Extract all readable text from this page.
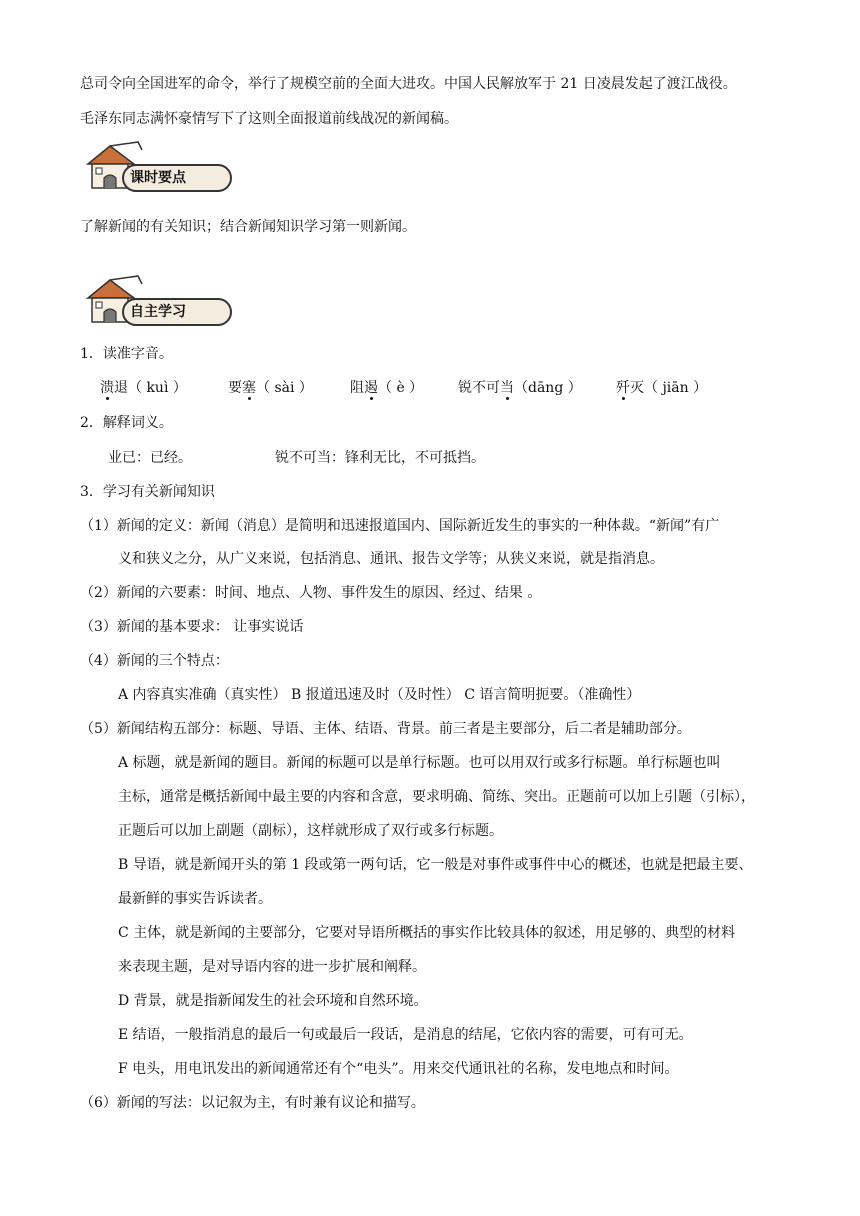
总司令向全国进军的命令，举行了规模空前的全面大进攻。中国人民解放军于 21 日凌晨发起了渡江战役。
毛泽东同志满怀豪情写下了这则全面报道前线战况的新闻稿。
课时要点
了解新闻的有关知识；结合新闻知识学习第一则新闻。
自主学习
1．读准字音。
溃退（ kuì ）	要塞（ sài ）	阻遏（ è ） 锐不可当（dāng ） 歼灭（ jiān ）
2．解释词义。
业已：已经。	锐不可当：锋利无比，不可抵挡。
3．学习有关新闻知识
（1）新闻的定义：新闻（消息）是简明和迅速报道国内、国际新近发生的事实的一种体裁。“新闻”有广
义和狭义之分，从广义来说，包括消息、通讯、报告文学等；从狭义来说，就是指消息。
（2）新闻的六要素：时间、地点、人物、事件发生的原因、经过、结果 。
（3）新闻的基本要求： 让事实说话
（4）新闻的三个特点：
A 内容真实准确（真实性） B 报道迅速及时（及时性） C 语言简明扼要。（准确性）
（5）新闻结构五部分：标题、导语、主体、结语、背景。前三者是主要部分，后二者是辅助部分。
A 标题，就是新闻的题目。新闻的标题可以是单行标题。也可以用双行或多行标题。单行标题也叫
主标，通常是概括新闻中最主要的内容和含意，要求明确、简练、突出。正题前可以加上引题（引标），
正题后可以加上副题（副标），这样就形成了双行或多行标题。
B 导语，就是新闻开头的第 1 段或第一两句话，它一般是对事件或事件中心的概述，也就是把最主要、
最新鲜的事实告诉读者。
C 主体，就是新闻的主要部分，它要对导语所概括的事实作比较具体的叙述，用足够的、典型的材料
来表现主题，是对导语内容的进一步扩展和阐释。
D 背景，就是指新闻发生的社会环境和自然环境。
E 结语，一般指消息的最后一句或最后一段话，是消息的结尾，它依内容的需要，可有可无。
F 电头，用电讯发出的新闻通常还有个“电头”。用来交代通讯社的名称，发电地点和时间。
（6）新闻的写法：以记叙为主，有时兼有议论和描写。
